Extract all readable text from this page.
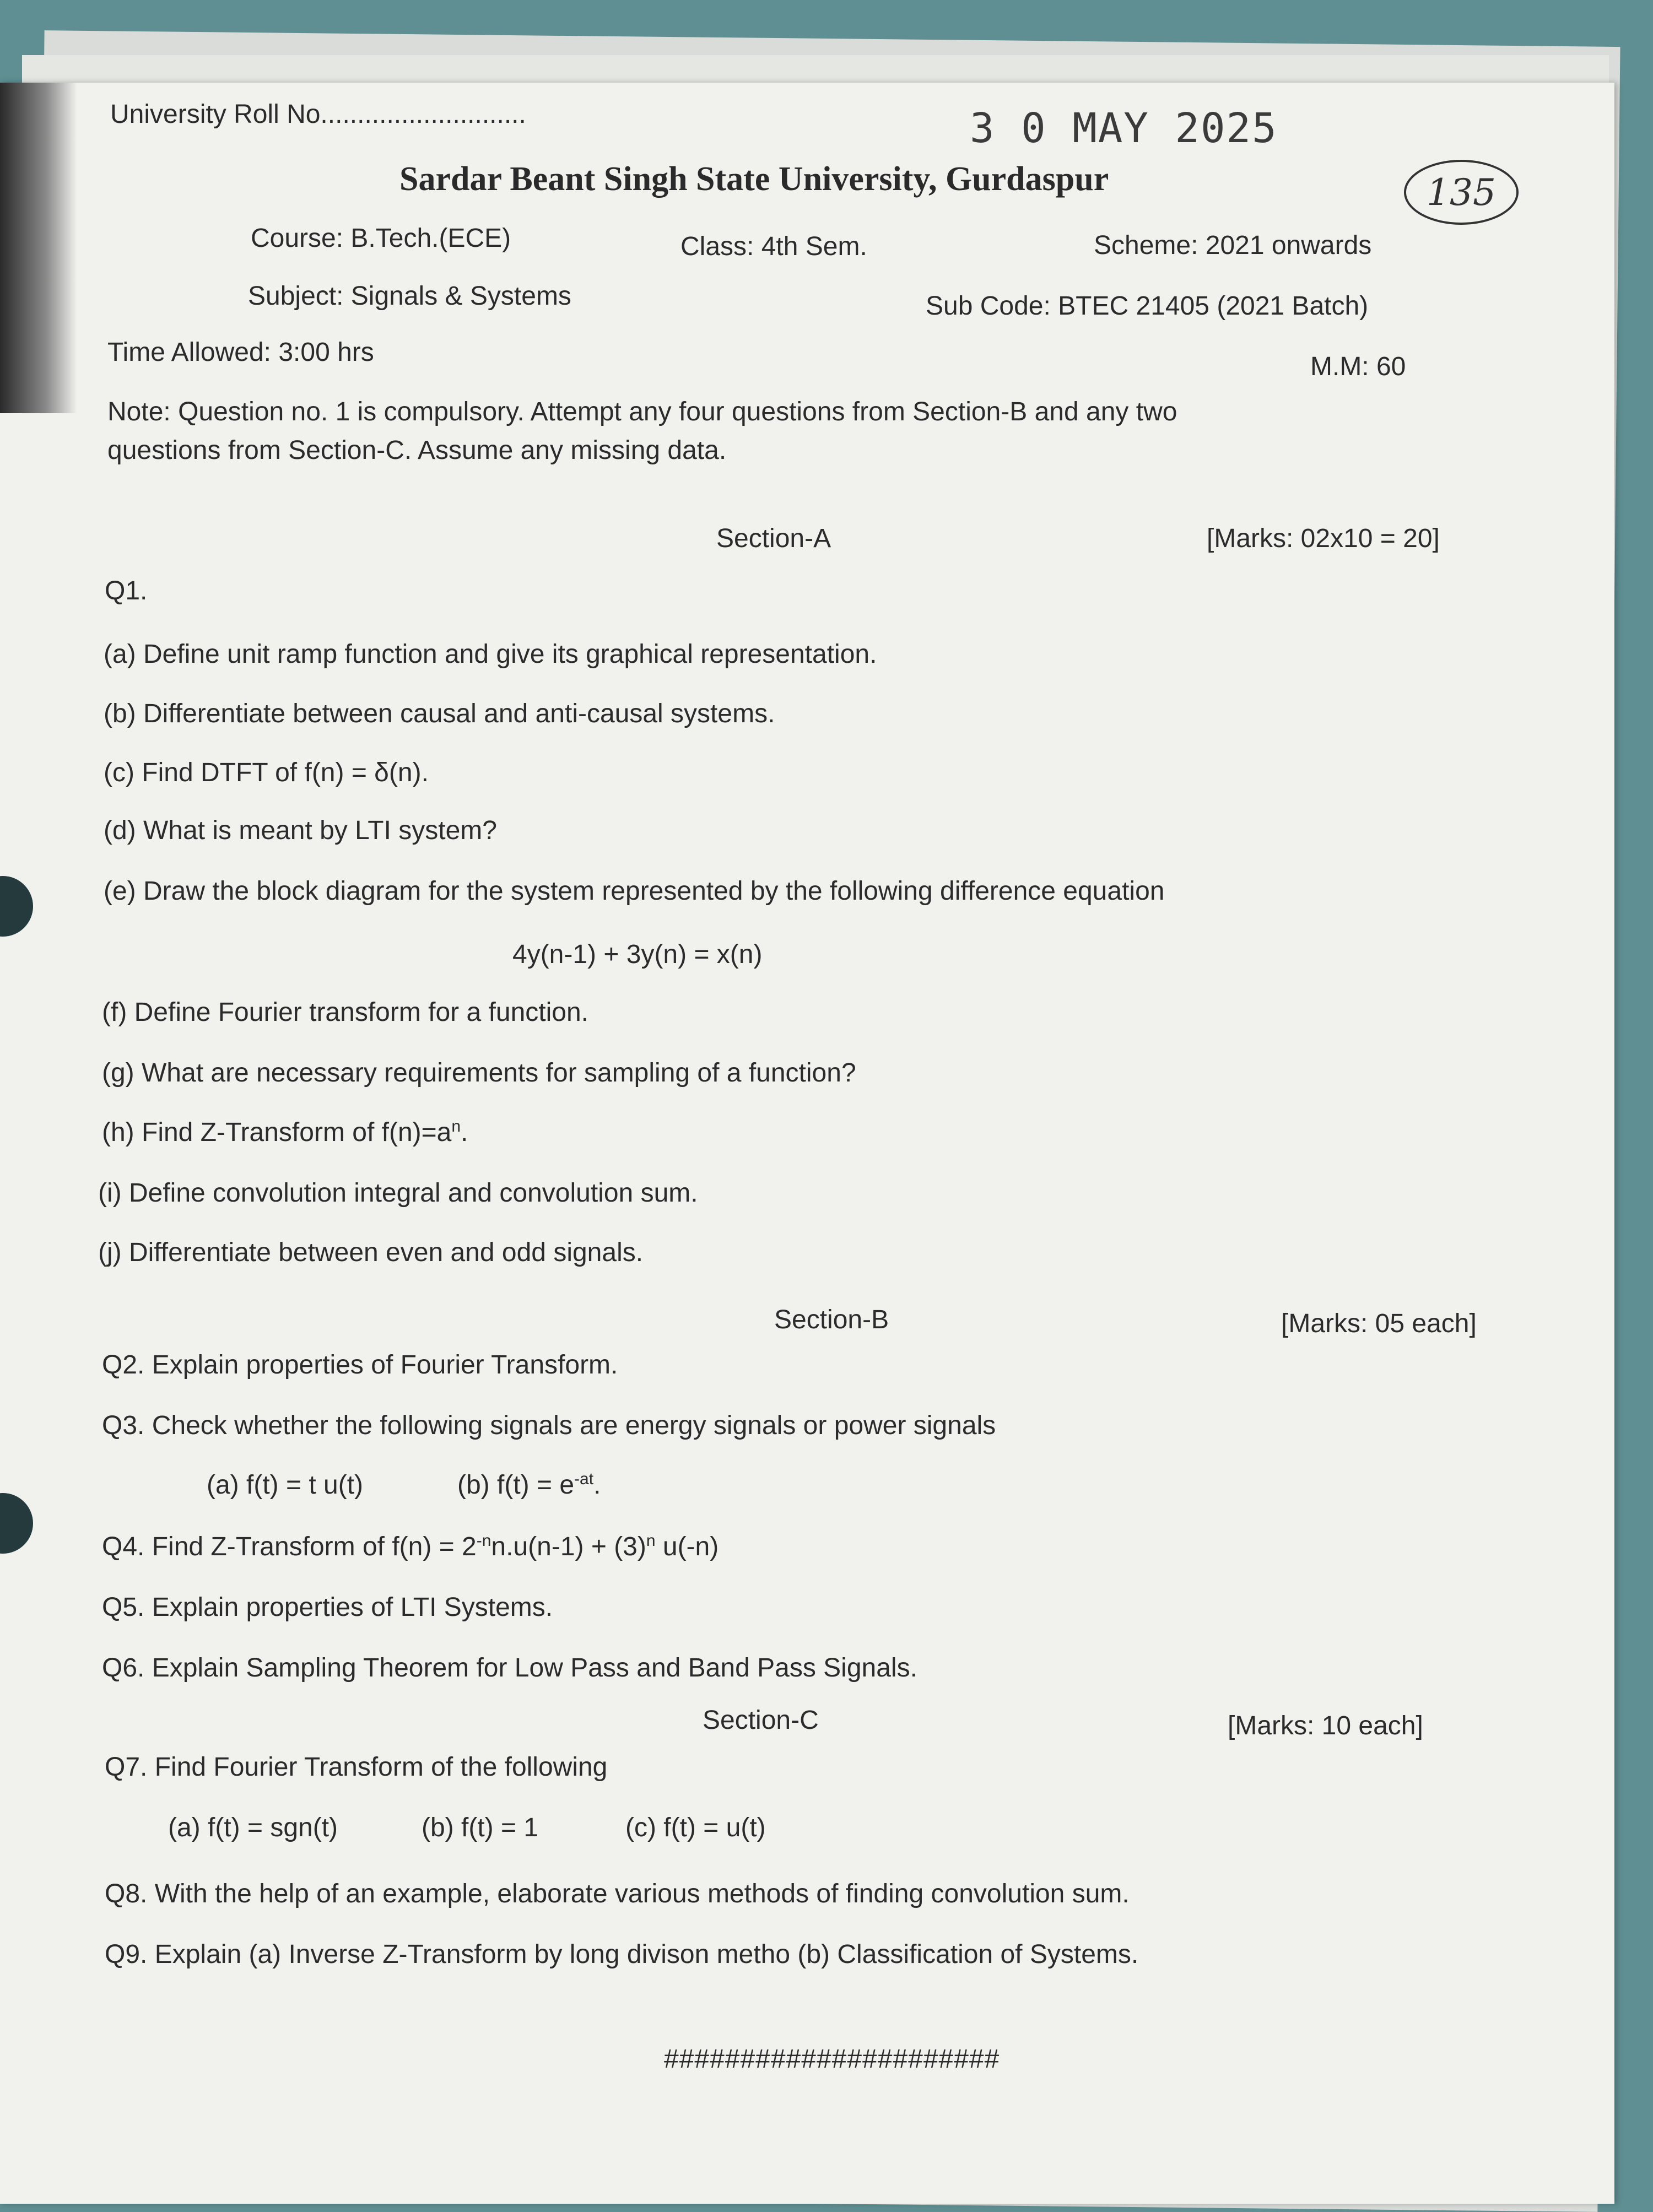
University Roll No............................	3 0 MAY 2025
135
Sardar Beant Singh State University, Gurdaspur
Course: B.Tech.(ECE)	Class: 4th Sem.	Scheme: 2021 onwards
Subject: Signals & Systems	Sub Code: BTEC 21405 (2021 Batch)
Time Allowed: 3:00 hrs	M.M: 60
Note: Question no. 1 is compulsory. Attempt any four questions from Section-B and any two
questions from Section-C. Assume any missing data.
Section-A	[Marks: 02x10 = 20]
Q1.
(a) Define unit ramp function and give its graphical representation.
(b) Differentiate between causal and anti-causal systems.
(c) Find DTFT of f(n) = δ(n).
(d) What is meant by LTI system?
(e) Draw the block diagram for the system represented by the following difference equation
4y(n-1) + 3y(n) = x(n)
(f) Define Fourier transform for a function.
(g) What are necessary requirements for sampling of a function?
(h) Find Z-Transform of $f(n)=a^n$.
(i) Define convolution integral and convolution sum.
(j) Differentiate between even and odd signals.
Section-B	[Marks: 05 each]
Q2. Explain properties of Fourier Transform.
Q3. Check whether the following signals are energy signals or power signals
(a) f(t) = t u(t)	(b) $f(t) = e^{-at}$.
Q4. Find Z-Transform of $f(n) = 2^{-n}n.u(n-1) + (3)^n$ u(-n)
Q5. Explain properties of LTI Systems.
Q6. Explain Sampling Theorem for Low Pass and Band Pass Signals.
Section-C	[Marks: 10 each]
Q7. Find Fourier Transform of the following
(a) f(t) = sgn(t)	(b) f(t) = 1	(c) f(t) = u(t)
Q8. With the help of an example, elaborate various methods of finding convolution sum.
Q9. Explain (a) Inverse Z-Transform by long divison metho (b) Classification of Systems.
######################
